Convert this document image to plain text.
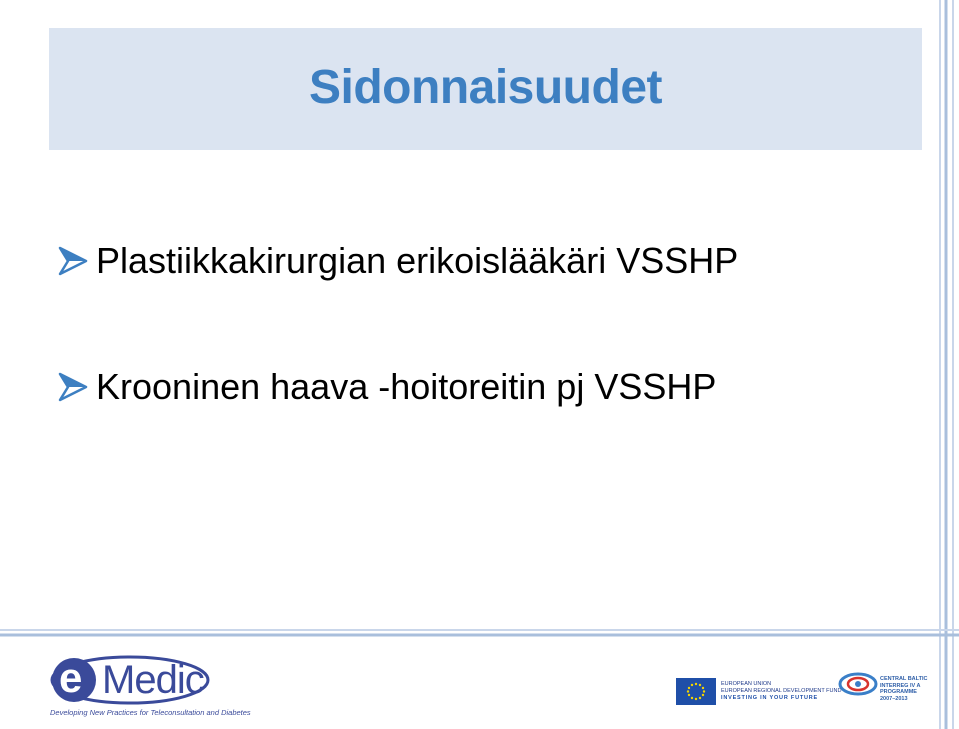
Sidonnaisuudet
Plastiikkakirurgian erikoislääkäri VSSHP
Krooninen haava -hoitoreitin pj VSSHP
e Medic
Developing New Practices for Teleconsultation and Diabetes
EUROPEAN UNION
EUROPEAN REGIONAL DEVELOPMENT FUND
INVESTING IN YOUR FUTURE
CENTRAL BALTIC
INTERREG IV A
PROGRAMME
2007–2013
